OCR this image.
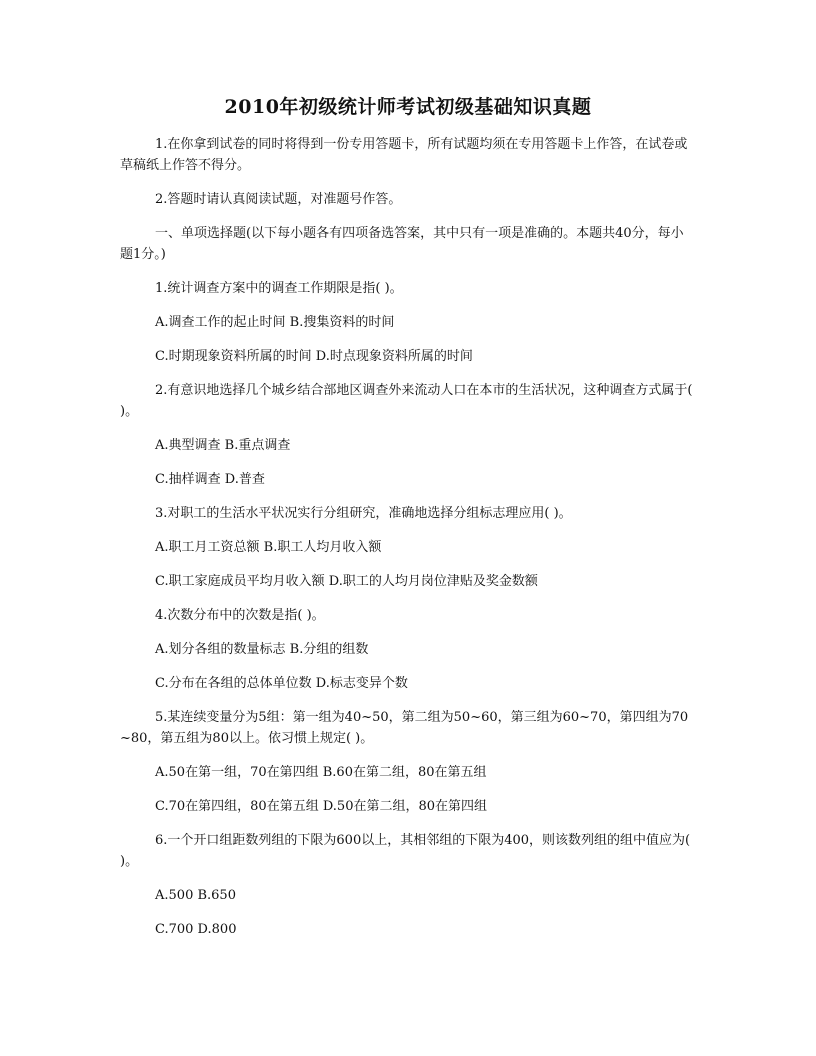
2010年初级统计师考试初级基础知识真题

1.在你拿到试卷的同时将得到一份专用答题卡，所有试题均须在专用答题卡上作答，在试卷或草稿纸上作答不得分。

2.答题时请认真阅读试题，对准题号作答。

一、单项选择题(以下每小题各有四项备选答案，其中只有一项是准确的。本题共40分，每小题1分。)

1.统计调查方案中的调查工作期限是指( )。

A.调查工作的起止时间 B.搜集资料的时间

C.时期现象资料所属的时间 D.时点现象资料所属的时间

2.有意识地选择几个城乡结合部地区调查外来流动人口在本市的生活状况，这种调查方式属于( )。

A.典型调查 B.重点调查

C.抽样调查 D.普查

3.对职工的生活水平状况实行分组研究，准确地选择分组标志理应用( )。

A.职工月工资总额 B.职工人均月收入额

C.职工家庭成员平均月收入额 D.职工的人均月岗位津贴及奖金数额

4.次数分布中的次数是指( )。

A.划分各组的数量标志 B.分组的组数

C.分布在各组的总体单位数 D.标志变异个数

5.某连续变量分为5组：第一组为40~50，第二组为50~60，第三组为60~70，第四组为70~80，第五组为80以上。依习惯上规定( )。

A.50在第一组，70在第四组 B.60在第二组，80在第五组

C.70在第四组，80在第五组 D.50在第二组，80在第四组

6.一个开口组距数列组的下限为600以上，其相邻组的下限为400，则该数列组的组中值应为( )。

A.500 B.650

C.700 D.800
